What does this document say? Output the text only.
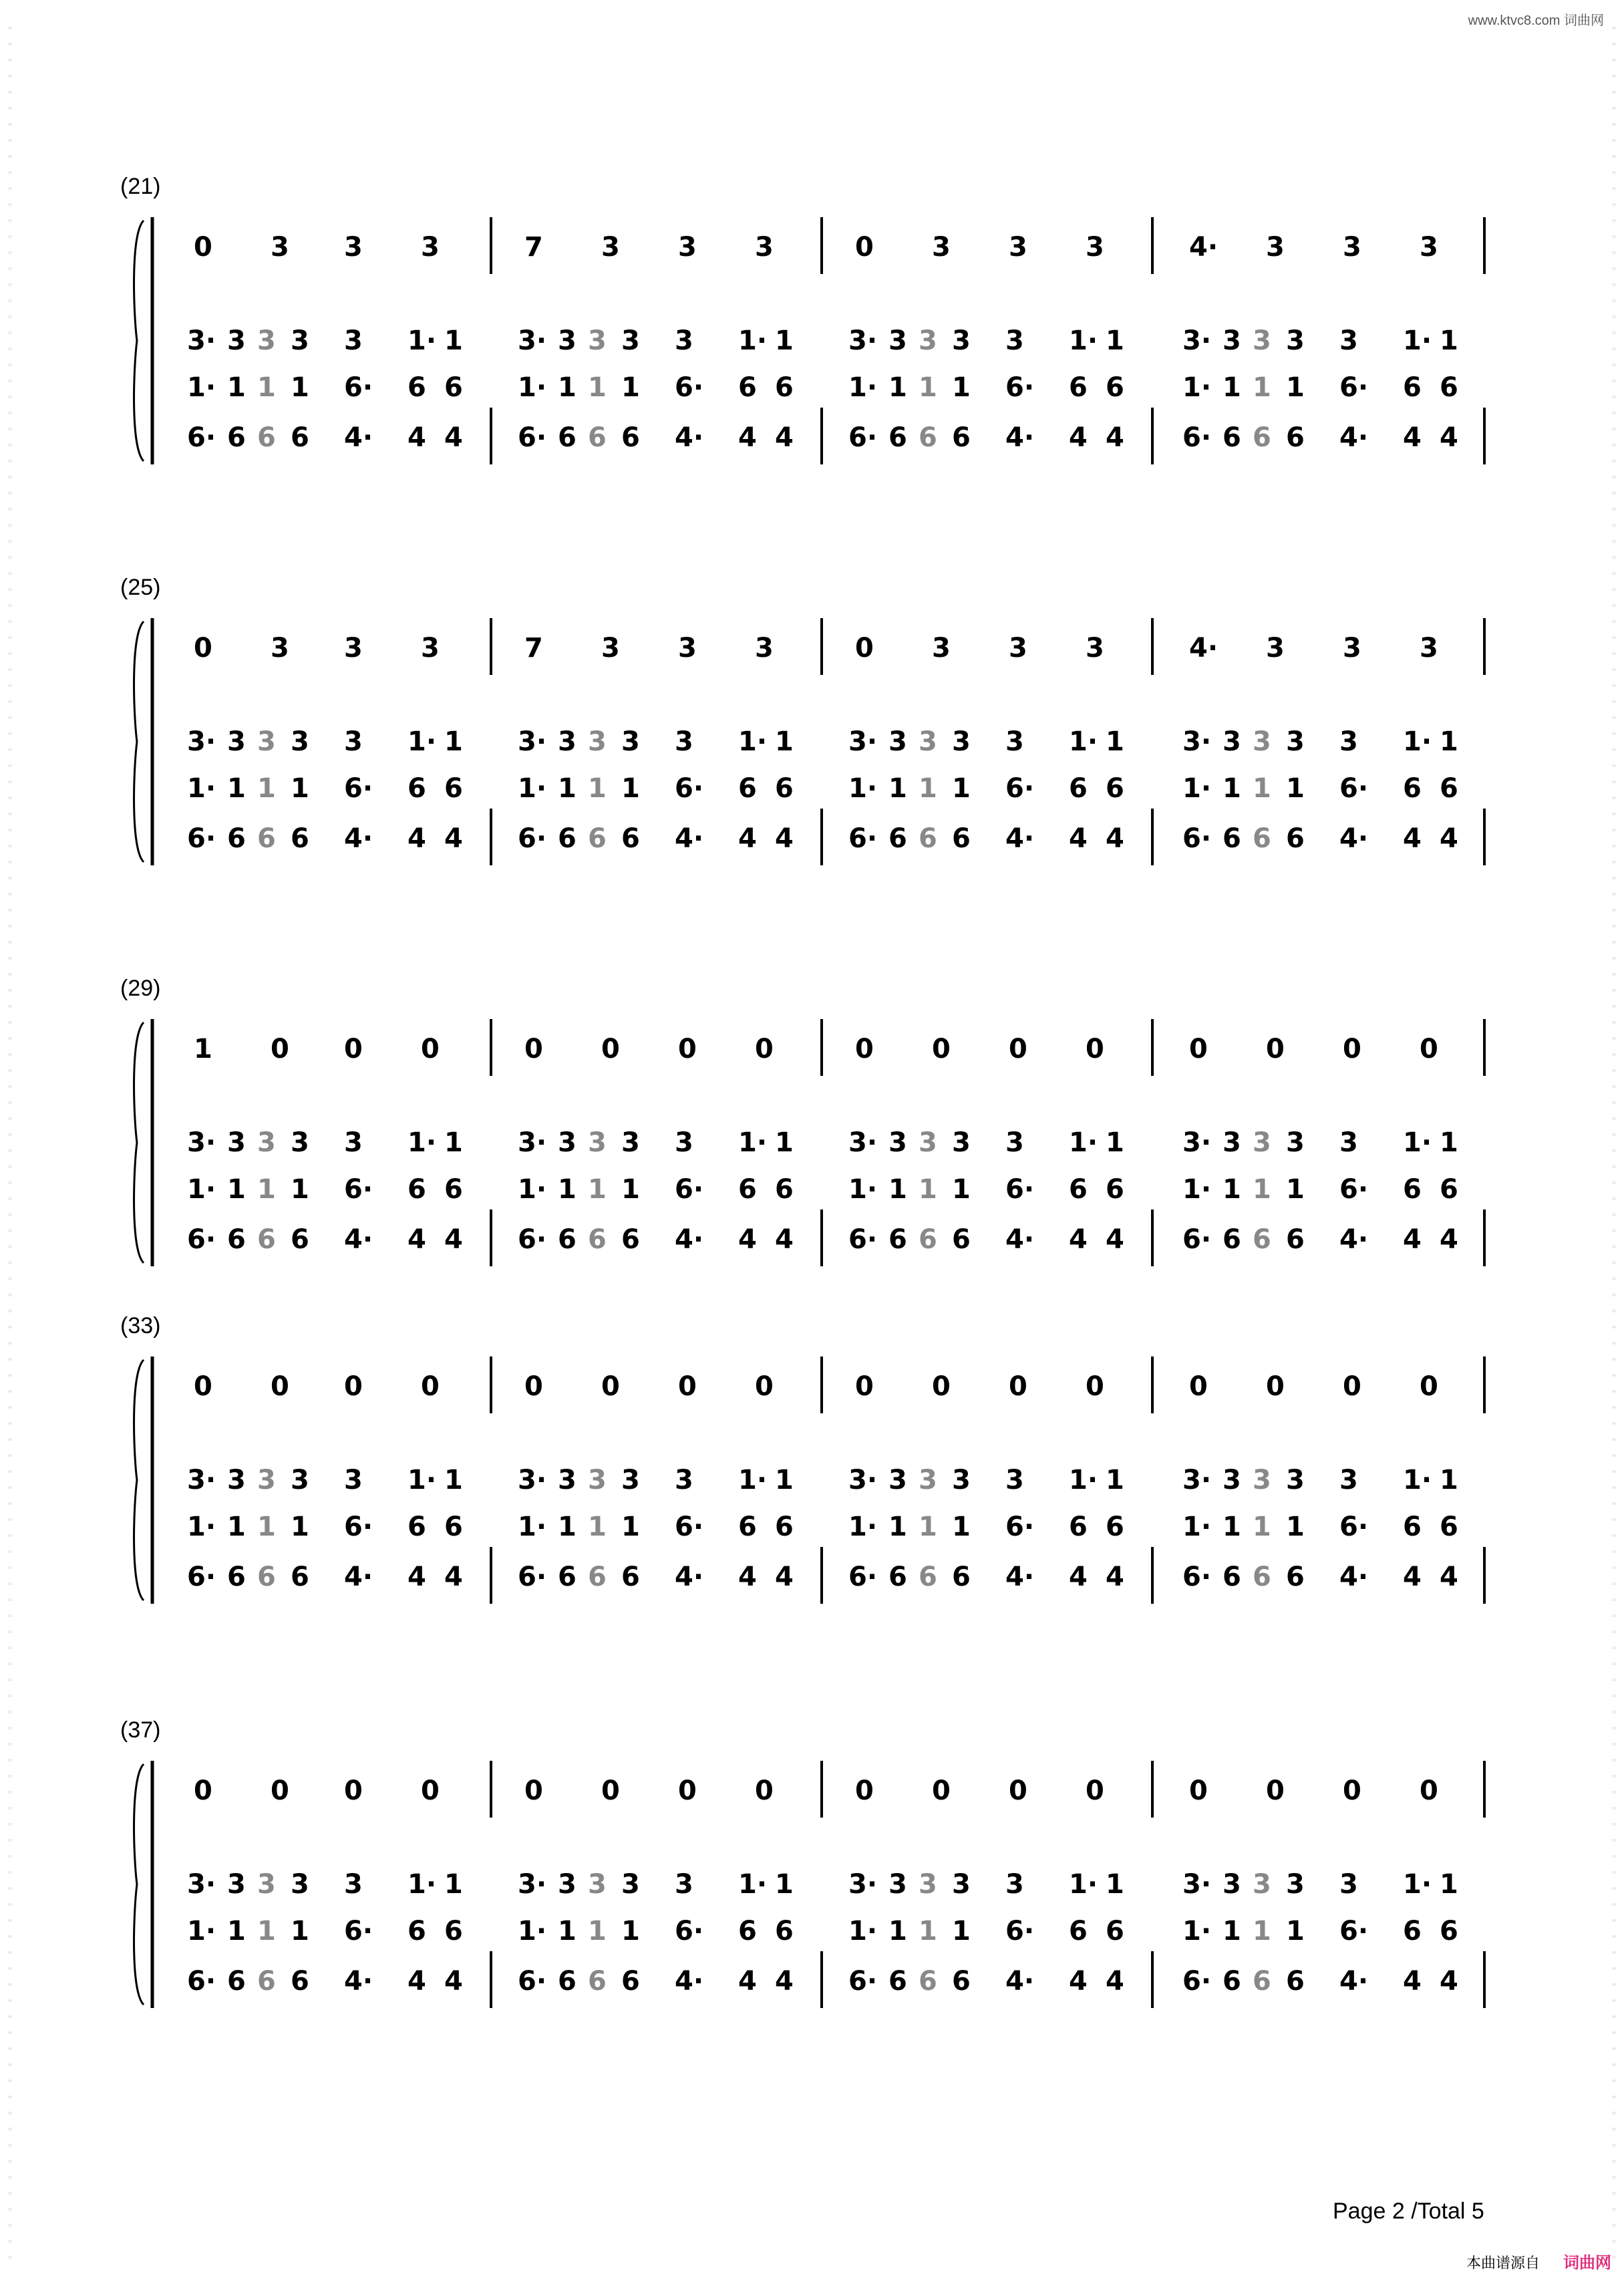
www.ktvc8.com 词曲网
(21)
0 3 3 3	7 3 3 3	0 3 3 3	4· 3 3 3
3· 3 3 3 3 1· 1 3· 3 3 3 3 1· 1 3· 3 3 3 3 1· 1 3· 3 3 3 3 1· 1
1· 1 1 1 6· 6 6 1· 1 1 1 6· 6 6 1· 1 1 1 6· 6 6 1· 1 1 1 6· 6 6
6· 6 6 6 4· 4 4 6· 6 6 6 4· 4 4 6· 6 6 6 4· 4 4 6· 6 6 6 4· 4 4
(25)
0 3 3 3	7 3 3 3	0 3 3 3	4· 3 3 3
3· 3 3 3 3 1· 1 3· 3 3 3 3 1· 1 3· 3 3 3 3 1· 1 3· 3 3 3 3 1· 1
1· 1 1 1 6· 6 6 1· 1 1 1 6· 6 6 1· 1 1 1 6· 6 6 1· 1 1 1 6· 6 6
6· 6 6 6 4· 4 4 6· 6 6 6 4· 4 4 6· 6 6 6 4· 4 4 6· 6 6 6 4· 4 4
(29)
1 0 0 0	0 0 0 0	0 0 0 0	0 0 0 0
3· 3 3 3 3 1· 1 3· 3 3 3 3 1· 1 3· 3 3 3 3 1· 1 3· 3 3 3 3 1· 1
1· 1 1 1 6· 6 6 1· 1 1 1 6· 6 6 1· 1 1 1 6· 6 6 1· 1 1 1 6· 6 6
6· 6 6 6 4· 4 4 6· 6 6 6 4· 4 4 6· 6 6 6 4· 4 4 6· 6 6 6 4· 4 4
(33)
0 0 0 0	0 0 0 0	0 0 0 0	0 0 0 0
3· 3 3 3 3 1· 1 3· 3 3 3 3 1· 1 3· 3 3 3 3 1· 1 3· 3 3 3 3 1· 1
1· 1 1 1 6· 6 6 1· 1 1 1 6· 6 6 1· 1 1 1 6· 6 6 1· 1 1 1 6· 6 6
6· 6 6 6 4· 4 4 6· 6 6 6 4· 4 4 6· 6 6 6 4· 4 4 6· 6 6 6 4· 4 4
(37)
0 0 0 0	0 0 0 0	0 0 0 0	0 0 0 0
3· 3 3 3 3 1· 1 3· 3 3 3 3 1· 1 3· 3 3 3 3 1· 1 3· 3 3 3 3 1· 1
1· 1 1 1 6· 6 6 1· 1 1 1 6· 6 6 1· 1 1 1 6· 6 6 1· 1 1 1 6· 6 6
6· 6 6 6 4· 4 4 6· 6 6 6 4· 4 4 6· 6 6 6 4· 4 4 6· 6 6 6 4· 4 4
Page 2 /Total 5
本曲谱源自 词曲网
